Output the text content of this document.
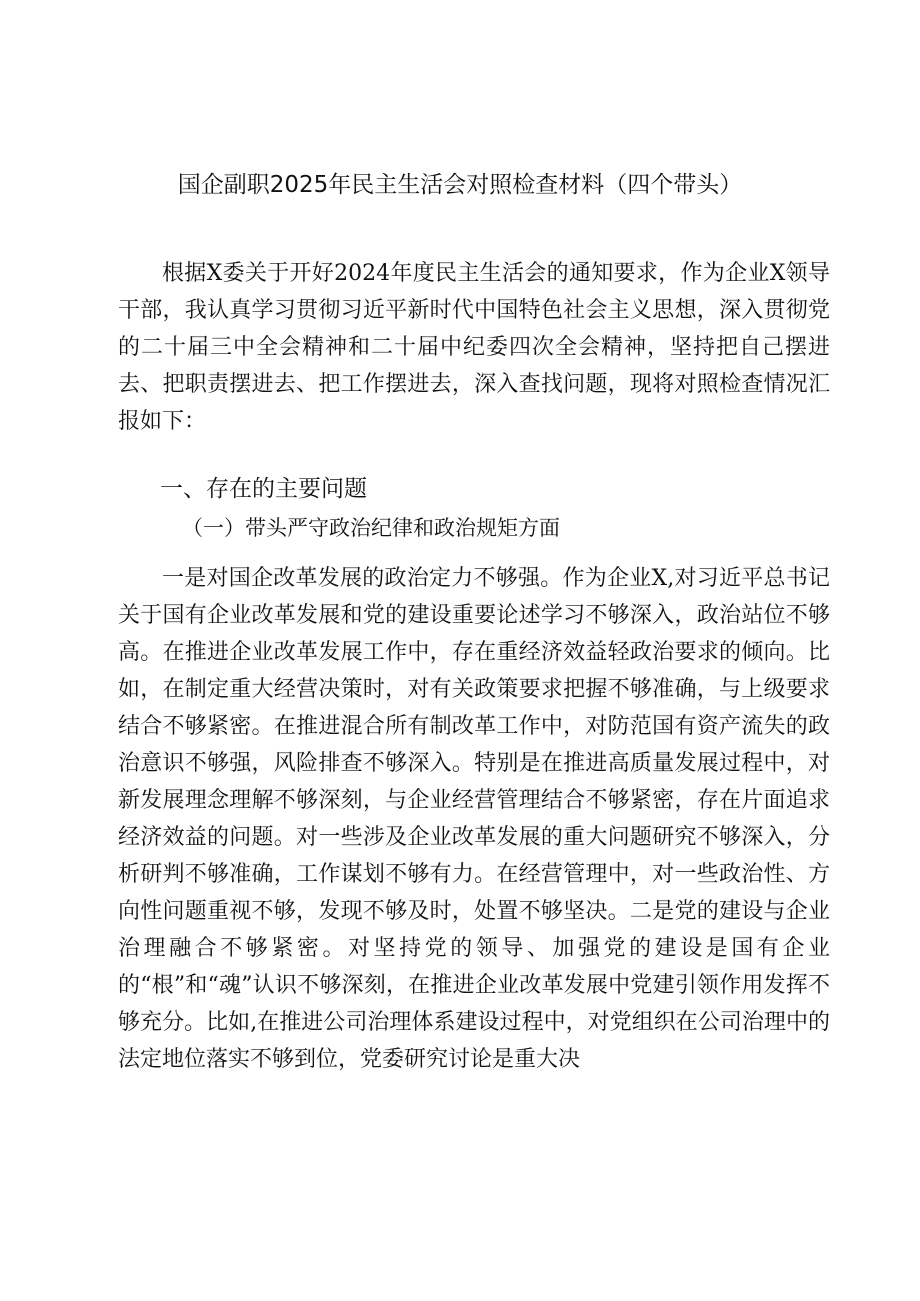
国企副职2025年民主生活会对照检查材料（四个带头）

根据X委关于开好2024年度民主生活会的通知要求，作为企业X领导干部，我认真学习贯彻习近平新时代中国特色社会主义思想，深入贯彻党的二十届三中全会精神和二十届中纪委四次全会精神，坚持把自己摆进去、把职责摆进去、把工作摆进去，深入查找问题，现将对照检查情况汇报如下：

一、存在的主要问题
（一）带头严守政治纪律和政治规矩方面

一是对国企改革发展的政治定力不够强。作为企业X,对习近平总书记关于国有企业改革发展和党的建设重要论述学习不够深入，政治站位不够高。在推进企业改革发展工作中，存在重经济效益轻政治要求的倾向。比如，在制定重大经营决策时，对有关政策要求把握不够准确，与上级要求结合不够紧密。在推进混合所有制改革工作中，对防范国有资产流失的政治意识不够强，风险排查不够深入。特别是在推进高质量发展过程中，对新发展理念理解不够深刻，与企业经营管理结合不够紧密，存在片面追求经济效益的问题。对一些涉及企业改革发展的重大问题研究不够深入，分析研判不够准确，工作谋划不够有力。在经营管理中，对一些政治性、方向性问题重视不够，发现不够及时，处置不够坚决。二是党的建设与企业治理融合不够紧密。对坚持党的领导、加强党的建设是国有企业的“根”和“魂”认识不够深刻，在推进企业改革发展中党建引领作用发挥不够充分。比如,在推进公司治理体系建设过程中，对党组织在公司治理中的法定地位落实不够到位，党委研究讨论是重大决
